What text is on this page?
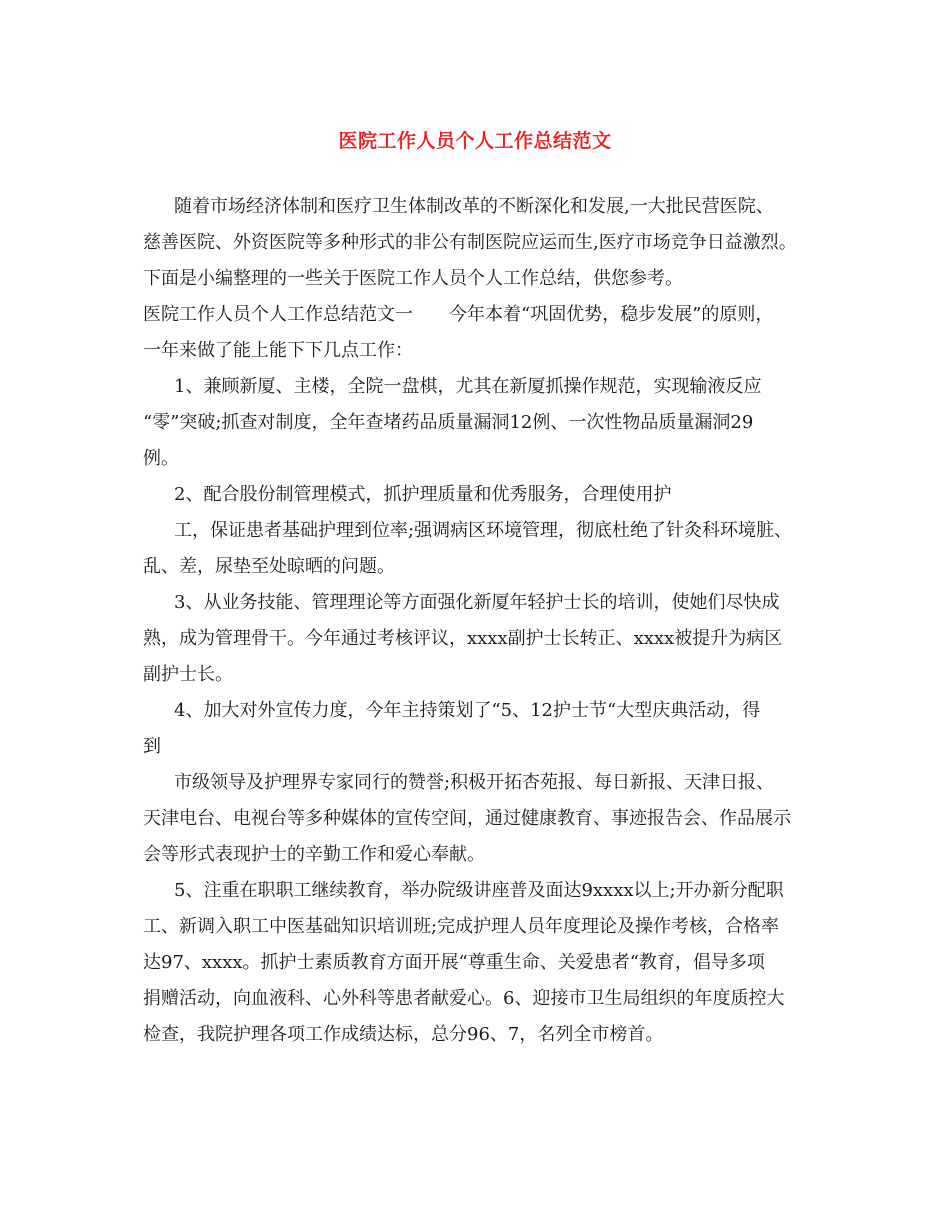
医院工作人员个人工作总结范文

随着市场经济体制和医疗卫生体制改革的不断深化和发展,一大批民营医院、

慈善医院、外资医院等多种形式的非公有制医院应运而生,医疗市场竞争日益激烈。

下面是小编整理的一些关于医院工作人员个人工作总结，供您参考。

医院工作人员个人工作总结范文一　　今年本着“巩固优势，稳步发展”的原则，

一年来做了能上能下下几点工作：

1、兼顾新厦、主楼，全院一盘棋，尤其在新厦抓操作规范，实现输液反应

“零”突破;抓查对制度，全年查堵药品质量漏洞12例、一次性物品质量漏洞29

例。

2、配合股份制管理模式，抓护理质量和优秀服务，合理使用护

工，保证患者基础护理到位率;强调病区环境管理，彻底杜绝了针灸科环境脏、

乱、差，尿垫至处晾晒的问题。

3、从业务技能、管理理论等方面强化新厦年轻护士长的培训，使她们尽快成

熟，成为管理骨干。今年通过考核评议，xxxx副护士长转正、xxxx被提升为病区

副护士长。

4、加大对外宣传力度，今年主持策划了“5、12护士节“大型庆典活动，得

到

市级领导及护理界专家同行的赞誉;积极开拓杏苑报、每日新报、天津日报、

天津电台、电视台等多种媒体的宣传空间，通过健康教育、事迹报告会、作品展示

会等形式表现护士的辛勤工作和爱心奉献。

5、注重在职职工继续教育，举办院级讲座普及面达9xxxx以上;开办新分配职

工、新调入职工中医基础知识培训班;完成护理人员年度理论及操作考核，合格率

达97、xxxx。抓护士素质教育方面开展“尊重生命、关爱患者“教育，倡导多项

捐赠活动，向血液科、心外科等患者献爱心。6、迎接市卫生局组织的年度质控大

检查，我院护理各项工作成绩达标，总分96、7，名列全市榜首。
